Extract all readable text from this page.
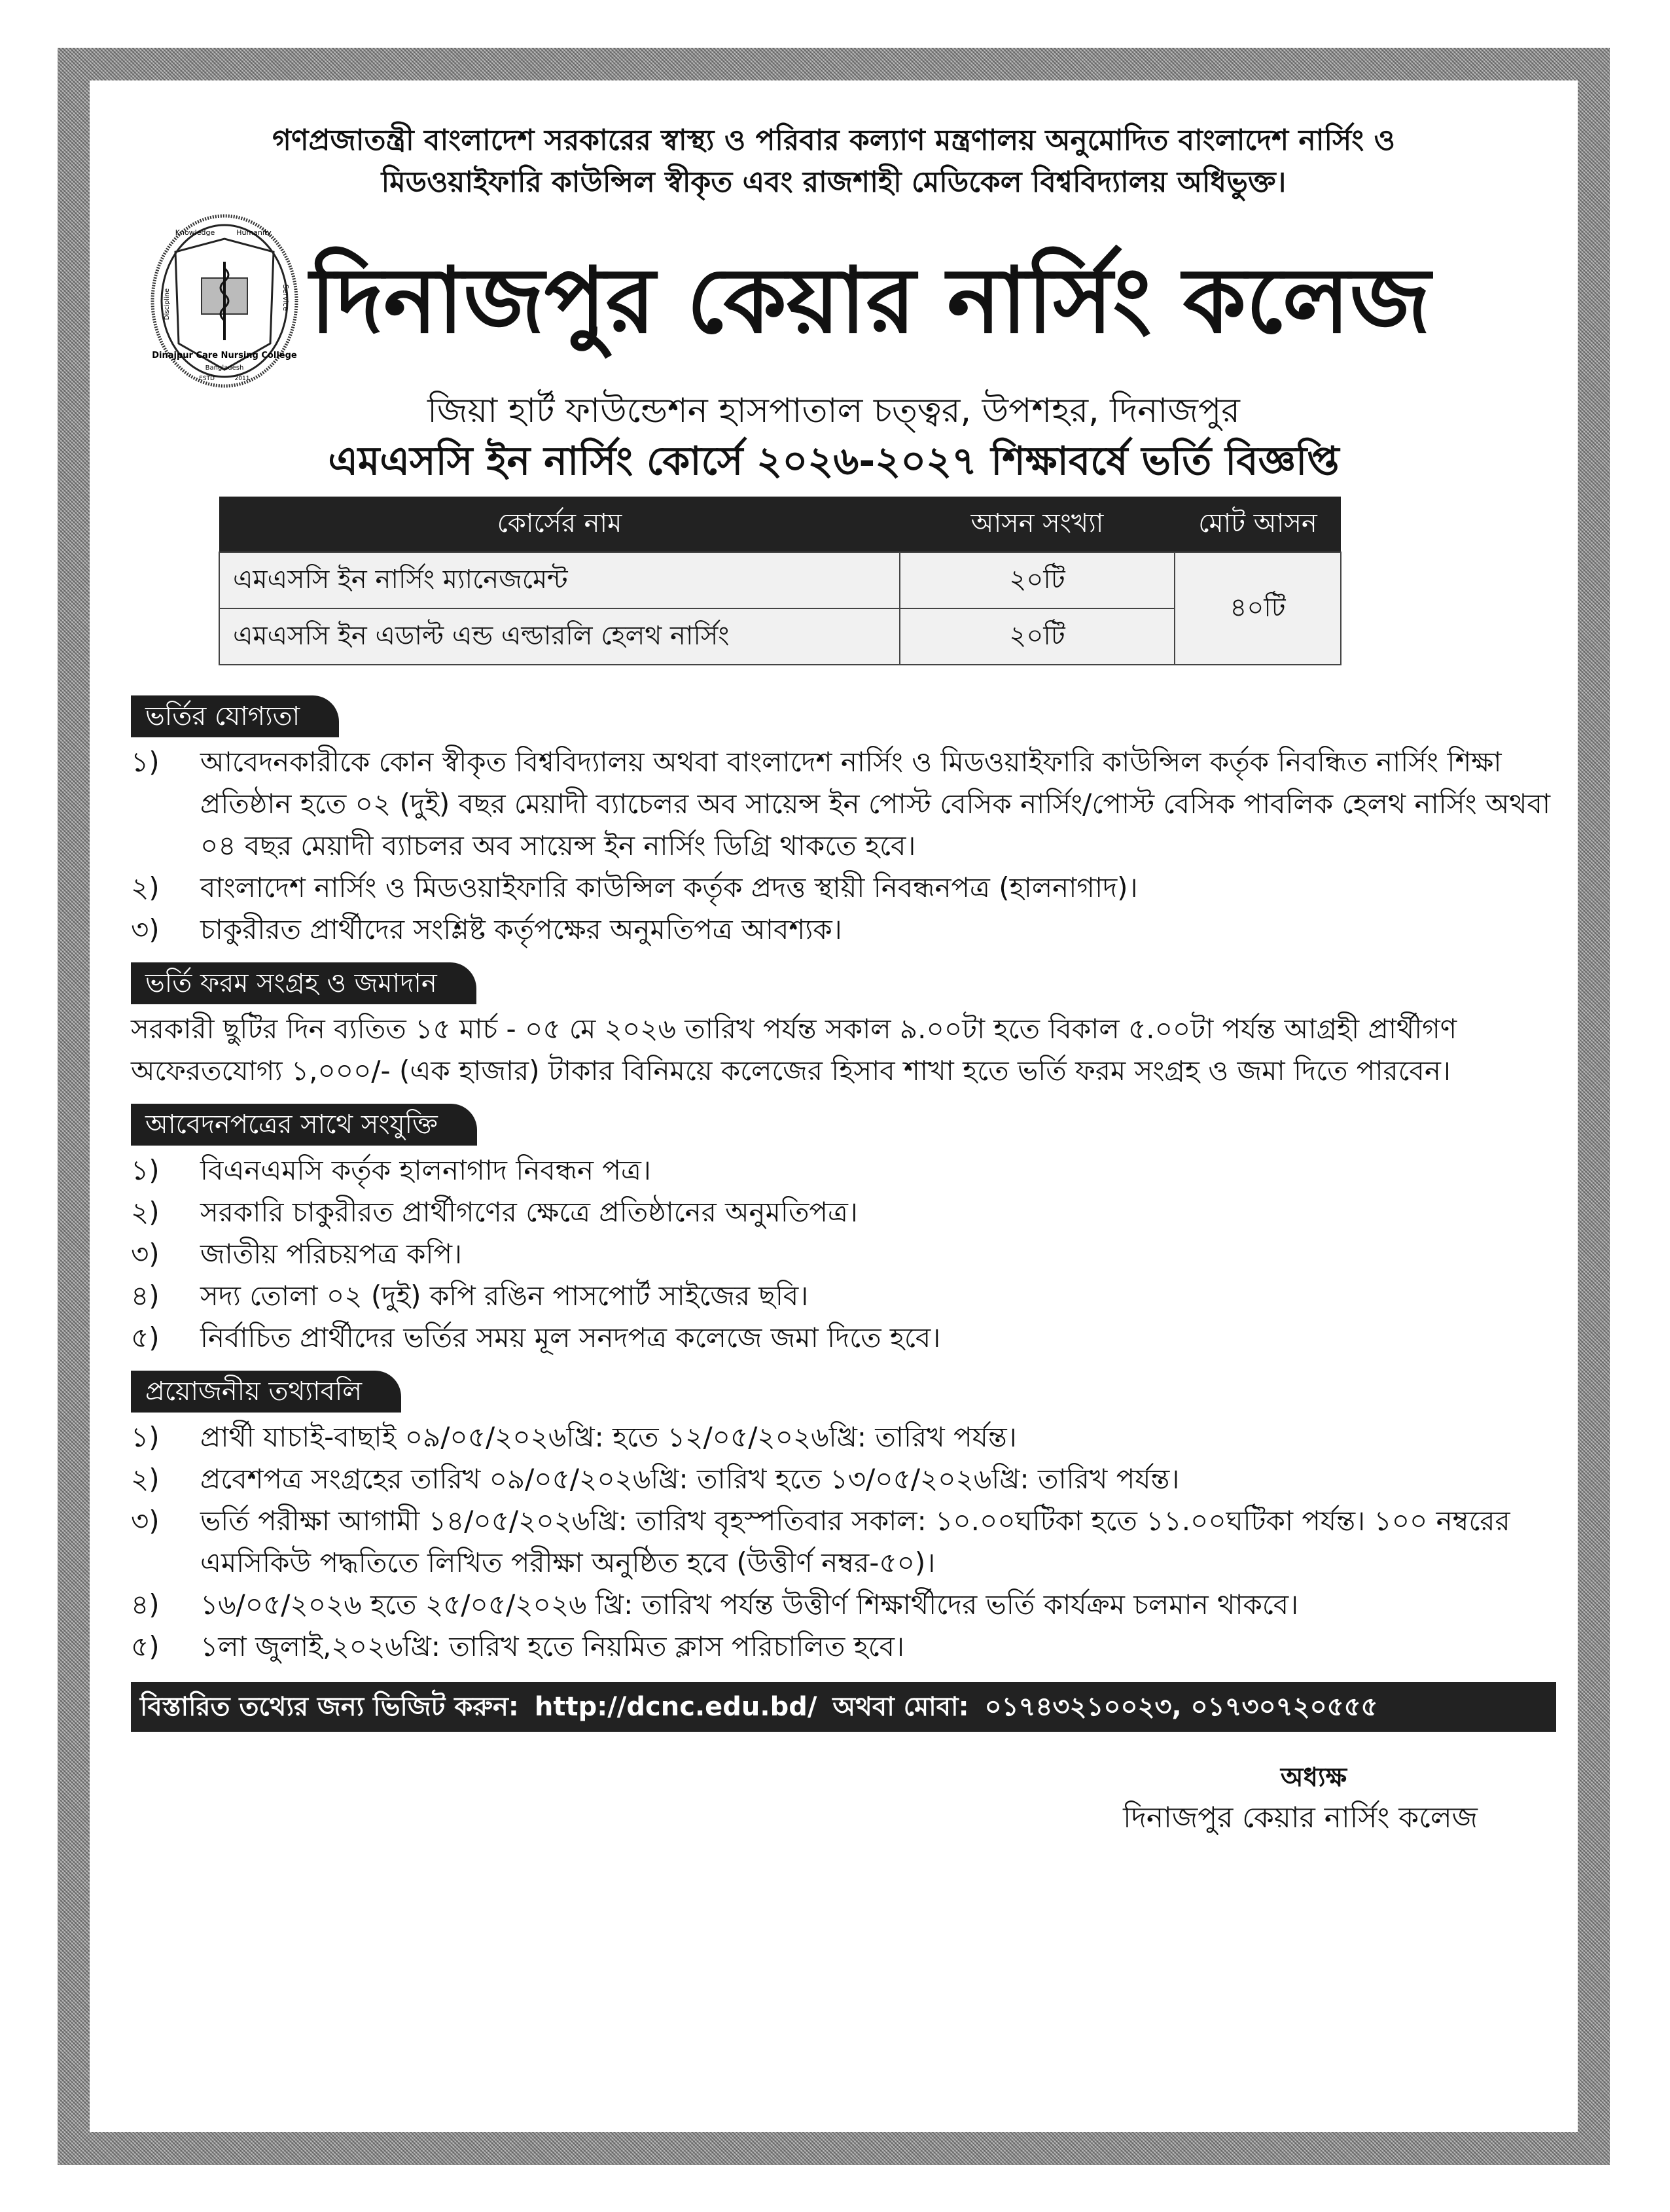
গণপ্রজাতন্ত্রী বাংলাদেশ সরকারের স্বাস্থ্য ও পরিবার কল্যাণ মন্ত্রণালয় অনুমোদিত বাংলাদেশ নার্সিং ও

মিডওয়াইফারি কাউন্সিল স্বীকৃত এবং রাজশাহী মেডিকেল বিশ্ববিদ্যালয় অধিভুক্ত।

Knowledge	Humanity
Discipline	Service
Dinajpur Care Nursing College
Bangladesh
ESTD	2011
দিনাজপুর কেয়ার নার্সিং কলেজ

জিয়া হার্ট ফাউন্ডেশন হাসপাতাল চত্ত্বর, উপশহর, দিনাজপুর

এমএসসি ইন নার্সিং কোর্সে ২০২৬-২০২৭ শিক্ষাবর্ষে ভর্তি বিজ্ঞপ্তি

কোর্সের নাম	আসন সংখ্যা	মোট আসন
এমএসসি ইন নার্সিং ম্যানেজমেন্ট	২০টি	৪০টি
এমএসসি ইন এডাল্ট এন্ড এল্ডারলি হেলথ নার্সিং	২০টি	
ভর্তির যোগ্যতা
১)	আবেদনকারীকে কোন স্বীকৃত বিশ্ববিদ্যালয় অথবা বাংলাদেশ নার্সিং ও মিডওয়াইফারি কাউন্সিল কর্তৃক নিবন্ধিত নার্সিং শিক্ষা প্রতিষ্ঠান হতে ০২ (দুই) বছর মেয়াদী ব্যাচেলর অব সায়েন্স ইন পোস্ট বেসিক নার্সিং/পোস্ট বেসিক পাবলিক হেলথ নার্সিং অথবা ০৪ বছর মেয়াদী ব্যাচলর অব সায়েন্স ইন নার্সিং ডিগ্রি থাকতে হবে।
২)	বাংলাদেশ নার্সিং ও মিডওয়াইফারি কাউন্সিল কর্তৃক প্রদত্ত স্থায়ী নিবন্ধনপত্র (হালনাগাদ)।
৩)	চাকুরীরত প্রার্থীদের সংশ্লিষ্ট কর্তৃপক্ষের অনুমতিপত্র আবশ্যক।
ভর্তি ফরম সংগ্রহ ও জমাদান

সরকারী ছুটির দিন ব্যতিত ১৫ মার্চ - ০৫ মে ২০২৬ তারিখ পর্যন্ত সকাল ৯.০০টা হতে বিকাল ৫.০০টা পর্যন্ত আগ্রহী প্রার্থীগণ অফেরতযোগ্য ১,০০০/- (এক হাজার) টাকার বিনিময়ে কলেজের হিসাব শাখা হতে ভর্তি ফরম সংগ্রহ ও জমা দিতে পারবেন।

আবেদনপত্রের সাথে সংযুক্তি
১)	বিএনএমসি কর্তৃক হালনাগাদ নিবন্ধন পত্র।
২)	সরকারি চাকুরীরত প্রার্থীগণের ক্ষেত্রে প্রতিষ্ঠানের অনুমতিপত্র।
৩)	জাতীয় পরিচয়পত্র কপি।
৪)	সদ্য তোলা ০২ (দুই) কপি রঙিন পাসপোর্ট সাইজের ছবি।
৫)	নির্বাচিত প্রার্থীদের ভর্তির সময় মূল সনদপত্র কলেজে জমা দিতে হবে।
প্রয়োজনীয় তথ্যাবলি
১)	প্রার্থী যাচাই-বাছাই ০৯/০৫/২০২৬খ্রি: হতে ১২/০৫/২০২৬খ্রি: তারিখ পর্যন্ত।
২)	প্রবেশপত্র সংগ্রহের তারিখ ০৯/০৫/২০২৬খ্রি: তারিখ হতে ১৩/০৫/২০২৬খ্রি: তারিখ পর্যন্ত।
৩)	ভর্তি পরীক্ষা আগামী ১৪/০৫/২০২৬খ্রি: তারিখ বৃহস্পতিবার সকাল: ১০.০০ঘটিকা হতে ১১.০০ঘটিকা পর্যন্ত। ১০০ নম্বরের এমসিকিউ পদ্ধতিতে লিখিত পরীক্ষা অনুষ্ঠিত হবে (উত্তীর্ণ নম্বর-৫০)।
৪)	১৬/০৫/২০২৬ হতে ২৫/০৫/২০২৬ খ্রি: তারিখ পর্যন্ত উত্তীর্ণ শিক্ষার্থীদের ভর্তি কার্যক্রম চলমান থাকবে।
৫)	১লা জুলাই,২০২৬খ্রি: তারিখ হতে নিয়মিত ক্লাস পরিচালিত হবে।
বিস্তারিত তথ্যের জন্য ভিজিট করুন: http://dcnc.edu.bd/ অথবা মোবা: ০১৭৪৩২১০০২৩, ০১৭৩০৭২০৫৫৫
অধ্যক্ষ
দিনাজপুর কেয়ার নার্সিং কলেজ
